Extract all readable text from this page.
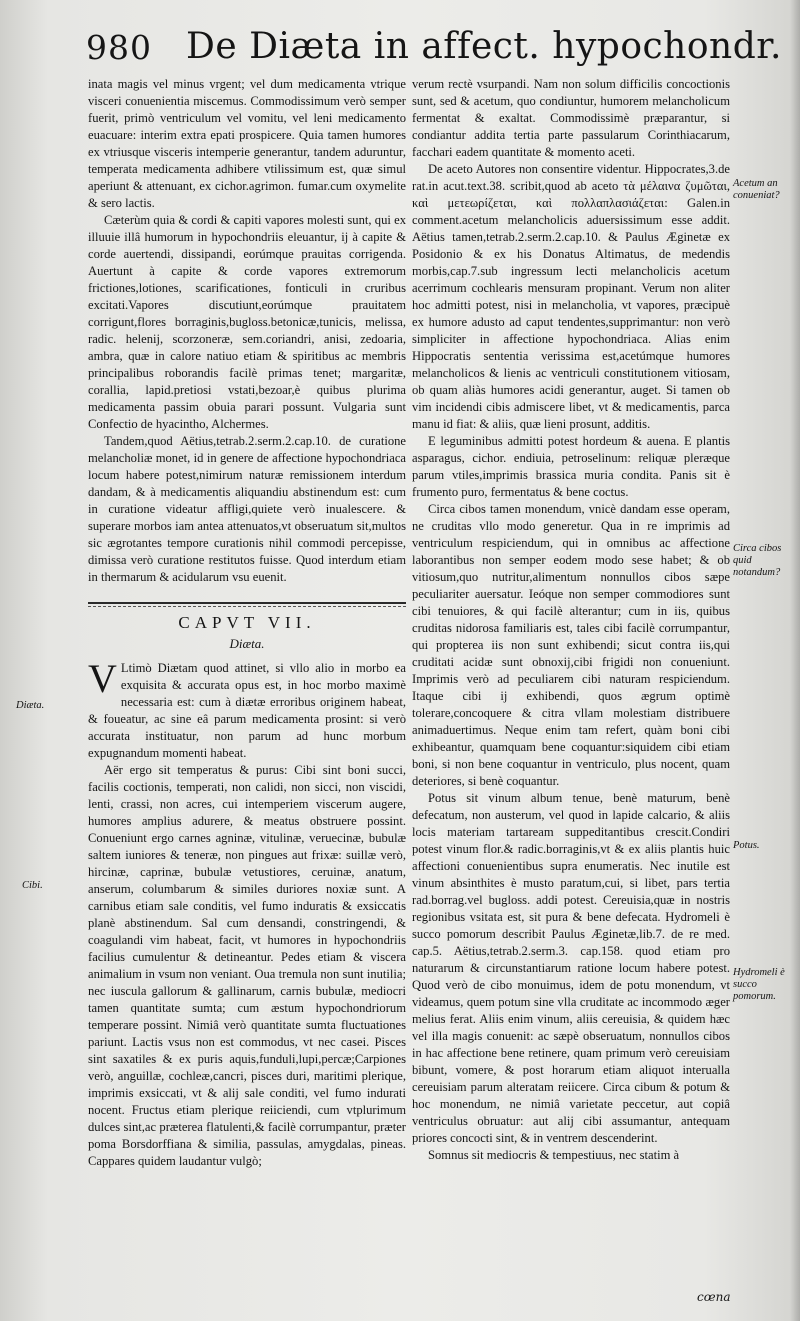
980 De Diæta in affect. hypochondr.

inata magis vel minus vrgent; vel dum medicamenta vtrique visceri conuenientia miscemus. Commodissimum verò semper fuerit, primò ventriculum vel vomitu, vel leni medicamento euacuare: interim extra epati prospicere. Quia tamen humores ex vtriusque visceris intemperie generantur, tandem aduruntur, temperata medicamenta adhibere vtilissimum est, quæ simul aperiunt & attenuant, ex cichor.agrimon. fumar.cum oxymelite & sero lactis.

Cæterùm quia & cordi & capiti vapores molesti sunt, qui ex illuuie illâ humorum in hypochondriis eleuantur, ij à capite & corde auertendi, dissipandi, eorúmque prauitas corrigenda. Auertunt à capite & corde vapores extremorum frictiones,lotiones, scarificationes, fonticuli in cruribus excitati.Vapores discutiunt,eorúmque prauitatem corrigunt,flores borraginis,bugloss.betonicæ,tunicis, melissa, radic. helenij, scorzoneræ, sem.coriandri, anisi, zedoaria, ambra, quæ in calore natiuo etiam & spiritibus ac membris principalibus roborandis facilè primas tenet; margaritæ, corallia, lapid.pretiosi vstati,bezoar,è quibus plurima medicamenta passim obuia parari possunt. Vulgaria sunt Confectio de hyacintho, Alchermes.

Tandem,quod Aëtius,tetrab.2.serm.2.cap.10. de curatione melancholiæ monet, id in genere de affectione hypochondriaca locum habere potest,nimirum naturæ remissionem interdum dandam, & à medicamentis aliquandiu abstinendum est: cum in curatione videatur affligi,quiete verò inualescere. & superare morbos iam antea attenuatos,vt obseruatum sit,multos sic ægrotantes tempore curationis nihil commodi percepisse, dimissa verò curatione restitutos fuisse. Quod interdum etiam in thermarum & acidularum vsu euenit.

CAPVT VII.
Diæta.

V Ltimò Diætam quod attinet, si vllo alio in morbo ea exquisita & accurata opus est, in hoc morbo maximè necessaria est: cum à diætæ erroribus originem habeat, & foueatur, ac sine eâ parum medicamenta prosint: si verò accurata instituatur, non parum ad hunc morbum expugnandum momenti habeat.

Aër ergo sit temperatus & purus: Cibi sint boni succi, facilis coctionis, temperati, non calidi, non sicci, non viscidi, lenti, crassi, non acres, cui intemperiem viscerum augere, humores amplius adurere, & meatus obstruere possint. Conueniunt ergo carnes agninæ, vitulinæ, veruecinæ, bubulæ saltem iuniores & teneræ, non pingues aut frixæ: suillæ verò, hircinæ, caprinæ, bubulæ vetustiores, ceruinæ, anatum, anserum, columbarum & similes duriores noxiæ sunt. A carnibus etiam sale conditis, vel fumo induratis & exsiccatis planè abstinendum. Sal cum densandi, constringendi, & coagulandi vim habeat, facit, vt humores in hypochondriis facilius cumulentur & detineantur. Pedes etiam & viscera animalium in vsum non veniant. Oua tremula non sunt inutilia; nec iuscula gallorum & gallinarum, carnis bubulæ, mediocri tamen quantitate sumta; cum æstum hypochondriorum temperare possint. Nimiâ verò quantitate sumta fluctuationes pariunt. Lactis vsus non est commodus, vt nec casei. Pisces sint saxatiles & ex puris aquis,funduli,lupi,percæ;Carpiones verò, anguillæ, cochleæ,cancri, pisces duri, maritimi plerique, imprimis exsiccati, vt & alij sale conditi, vel fumo indurati nocent. Fructus etiam plerique reiiciendi, cum vtplurimum dulces sint,ac præterea flatulenti,& facilè corrumpantur, præter poma Borsdorffiana & similia, passulas, amygdalas, pineas. Cappares quidem laudantur vulgò;

verum rectè vsurpandi. Nam non solum difficilis concoctionis sunt, sed & acetum, quo condiuntur, humorem melancholicum fermentat & exaltat. Commodissimè præparantur, si condiantur addita tertia parte passularum Corinthiacarum, facchari eadem quantitate & momento aceti.

De aceto Autores non consentire videntur. Hippocrates,3.de rat.in acut.text.38. scribit,quod ab aceto τὰ μέλαινα ζυμῶται, καὶ μετεωρίζεται, καὶ πολλαπλασιάζεται: Galen.in comment.acetum melancholicis aduersissimum esse addit. Aëtius tamen,tetrab.2.serm.2.cap.10. & Paulus Æginetæ ex Posidonio & ex his Donatus Altimatus, de medendis morbis,cap.7.sub ingressum lecti melancholicis acetum acerrimum cochlearis mensuram propinant. Verum non aliter hoc admitti potest, nisi in melancholia, vt vapores, præcipuè ex humore adusto ad caput tendentes,supprimantur: non verò simpliciter in affectione hypochondriaca. Alias enim Hippocratis sententia verissima est,acetúmque humores melancholicos & lienis ac ventriculi constitutionem vitiosam, ob quam aliàs humores acidi generantur, auget. Si tamen ob vim incidendi cibis admiscere libet, vt & medicamentis, parca manu id fiat: & aliis, quæ lieni prosunt, additis.

E leguminibus admitti potest hordeum & auena. E plantis asparagus, cichor. endiuia, petroselinum: reliquæ pleræque parum vtiles,imprimis brassica muria condita. Panis sit è frumento puro, fermentatus & bene coctus.

Circa cibos tamen monendum, vnicè dandam esse operam, ne cruditas vllo modo generetur. Qua in re imprimis ad ventriculum respiciendum, qui in omnibus ac affectione laborantibus non semper eodem modo sese habet; & ob vitiosum,quo nutritur,alimentum nonnullos cibos sæpe peculiariter auersatur. Ieóque non semper commodiores sunt cibi tenuiores, & qui facilè alterantur; cum in iis, quibus cruditas nidorosa familiaris est, tales cibi facilè corrumpantur, qui propterea iis non sunt exhibendi; sicut contra iis,qui cruditati acidæ sunt obnoxij,cibi frigidi non conueniunt. Imprimis verò ad peculiarem cibi naturam respiciendum. Itaque cibi ij exhibendi, quos ægrum optimè tolerare,concoquere & citra vllam molestiam distribuere animaduertimus. Neque enim tam refert, quàm boni cibi exhibeantur, quamquam bene coquantur:siquidem cibi etiam boni, si non bene coquantur in ventriculo, plus nocent, quam deteriores, si benè coquantur.

Potus sit vinum album tenue, benè maturum, benè defecatum, non austerum, vel quod in lapide calcario, & aliis locis materiam tartaream suppeditantibus crescit.Condiri potest vinum flor.& radic.borraginis,vt & ex aliis plantis huic affectioni conuenientibus supra enumeratis. Nec inutile est vinum absinthites è musto paratum,cui, si libet, pars tertia rad.borrag.vel bugloss. addi potest. Cereuisia,quæ in nostris regionibus vsitata est, sit pura & bene defecata. Hydromeli è succo pomorum describit Paulus Æginetæ,lib.7. de re med. cap.5. Aëtius,tetrab.2.serm.3. cap.158. quod etiam pro naturarum & circunstantiarum ratione locum habere potest. Quod verò de cibo monuimus, idem de potu monendum, vt videamus, quem potum sine vlla cruditate ac incommodo æger melius ferat. Aliis enim vinum, aliis cereuisia, & quidem hæc vel illa magis conuenit: ac sæpè obseruatum, nonnullos cibos in hac affectione bene retinere, quam primum verò cereuisiam bibunt, vomere, & post horarum etiam aliquot interualla cereuisiam parum alteratam reiicere. Circa cibum & potum & hoc monendum, ne nimiâ varietate peccetur, aut copiâ ventriculus obruatur: aut alij cibi assumantur, antequam priores concocti sint, & in ventrem descenderint.

Somnus sit mediocris & tempestiuus, nec statim à

Diæta.
Cibi.
Acetum an conueniat?
Circa cibos quid notandum?
Potus.
Hydromeli è succo pomorum.
cœna
